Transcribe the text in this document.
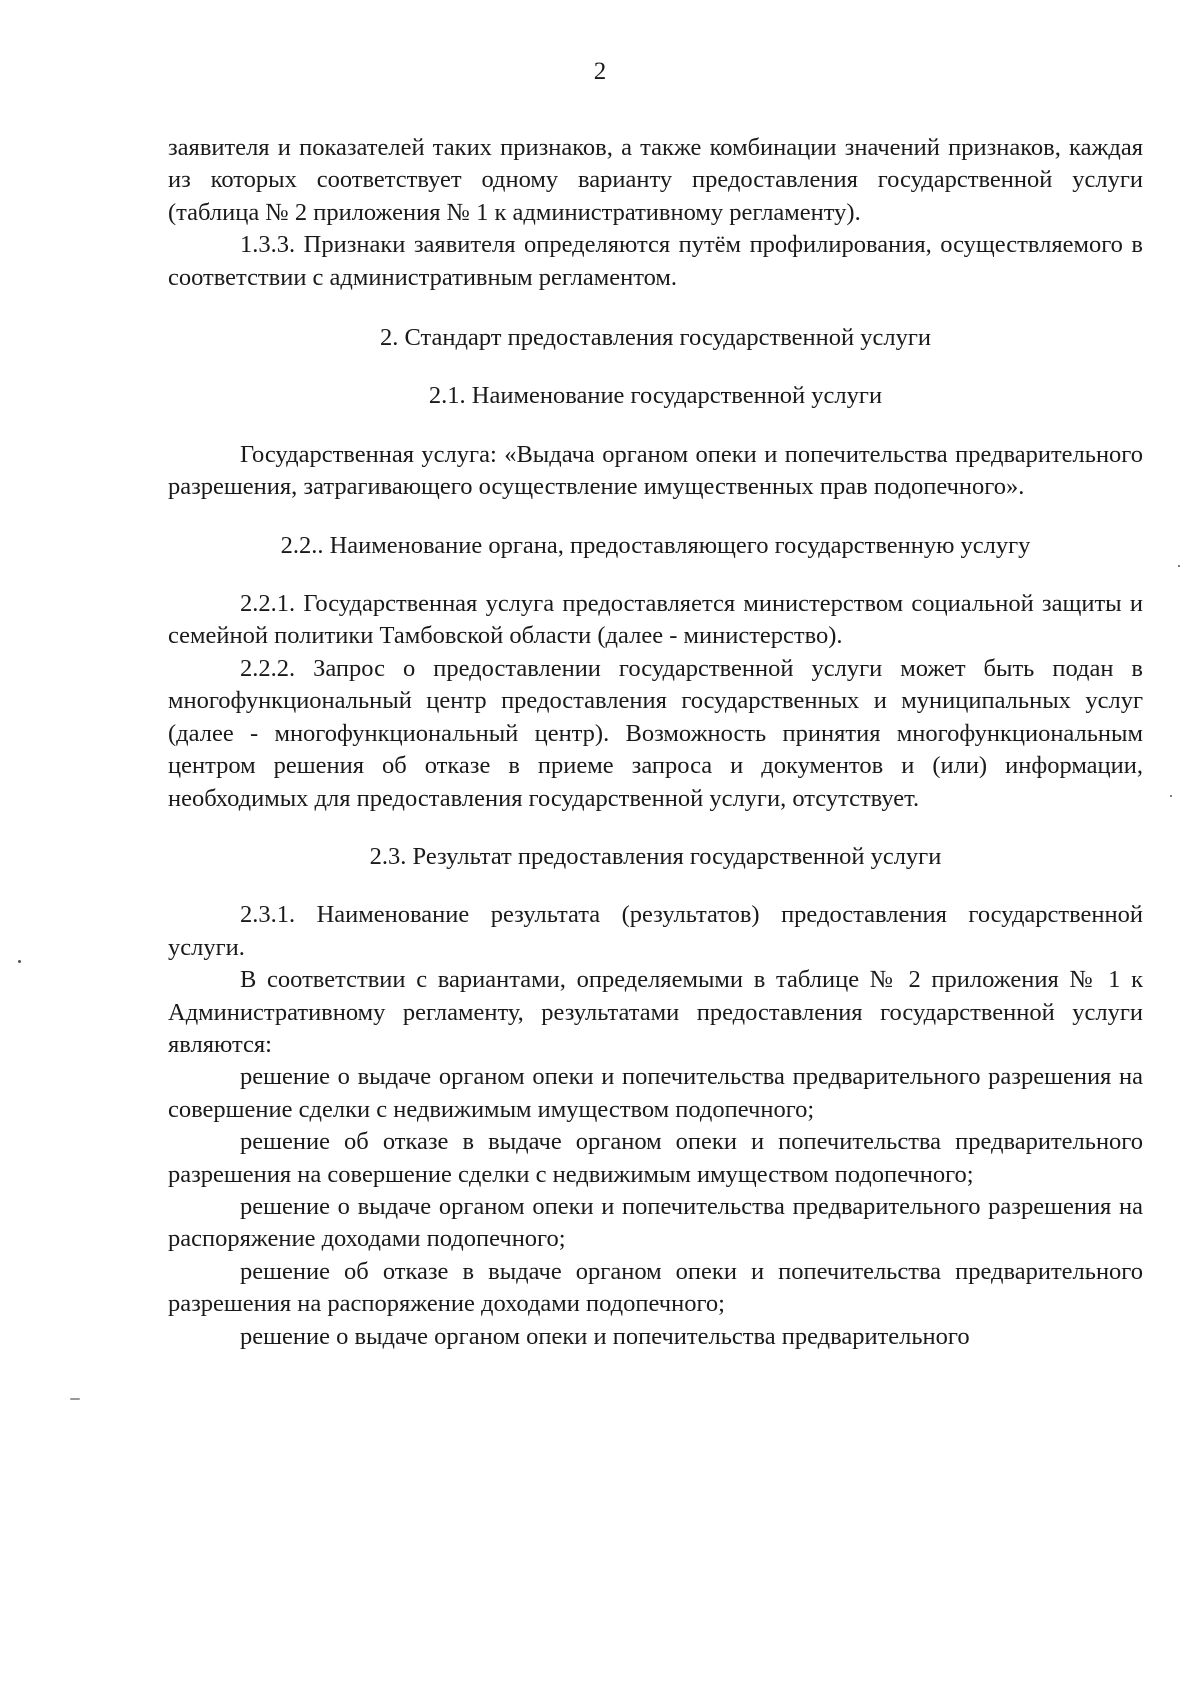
2

заявителя и показателей таких признаков, а также комбинации значений признаков, каждая из которых соответствует одному варианту предоставления государственной услуги (таблица № 2 приложения № 1 к административному регламенту).

1.3.3. Признаки заявителя определяются путём профилирования, осуществляемого в соответствии с административным регламентом.

2. Стандарт предоставления государственной услуги

2.1. Наименование государственной услуги

Государственная услуга: «Выдача органом опеки и попечительства предварительного разрешения, затрагивающего осуществление имущественных прав подопечного».

2.2.. Наименование органа, предоставляющего государственную услугу

2.2.1. Государственная услуга предоставляется министерством социальной защиты и семейной политики Тамбовской области (далее - министерство).

2.2.2. Запрос о предоставлении государственной услуги может быть подан в многофункциональный центр предоставления государственных и муниципальных услуг (далее - многофункциональный центр). Возможность принятия многофункциональным центром решения об отказе в приеме запроса и документов и (или) информации, необходимых для предоставления государственной услуги, отсутствует.

2.3. Результат предоставления государственной услуги

2.3.1. Наименование результата (результатов) предоставления государственной услуги.

В соответствии с вариантами, определяемыми в таблице № 2 приложения № 1 к Административному регламенту, результатами предоставления государственной услуги являются:

решение о выдаче органом опеки и попечительства предварительного разрешения на совершение сделки с недвижимым имуществом подопечного;

решение об отказе в выдаче органом опеки и попечительства предварительного разрешения на совершение сделки с недвижимым имуществом подопечного;

решение о выдаче органом опеки и попечительства предварительного разрешения на распоряжение доходами подопечного;

решение об отказе в выдаче органом опеки и попечительства предварительного разрешения на распоряжение доходами подопечного;

решение о выдаче органом опеки и попечительства предварительного
